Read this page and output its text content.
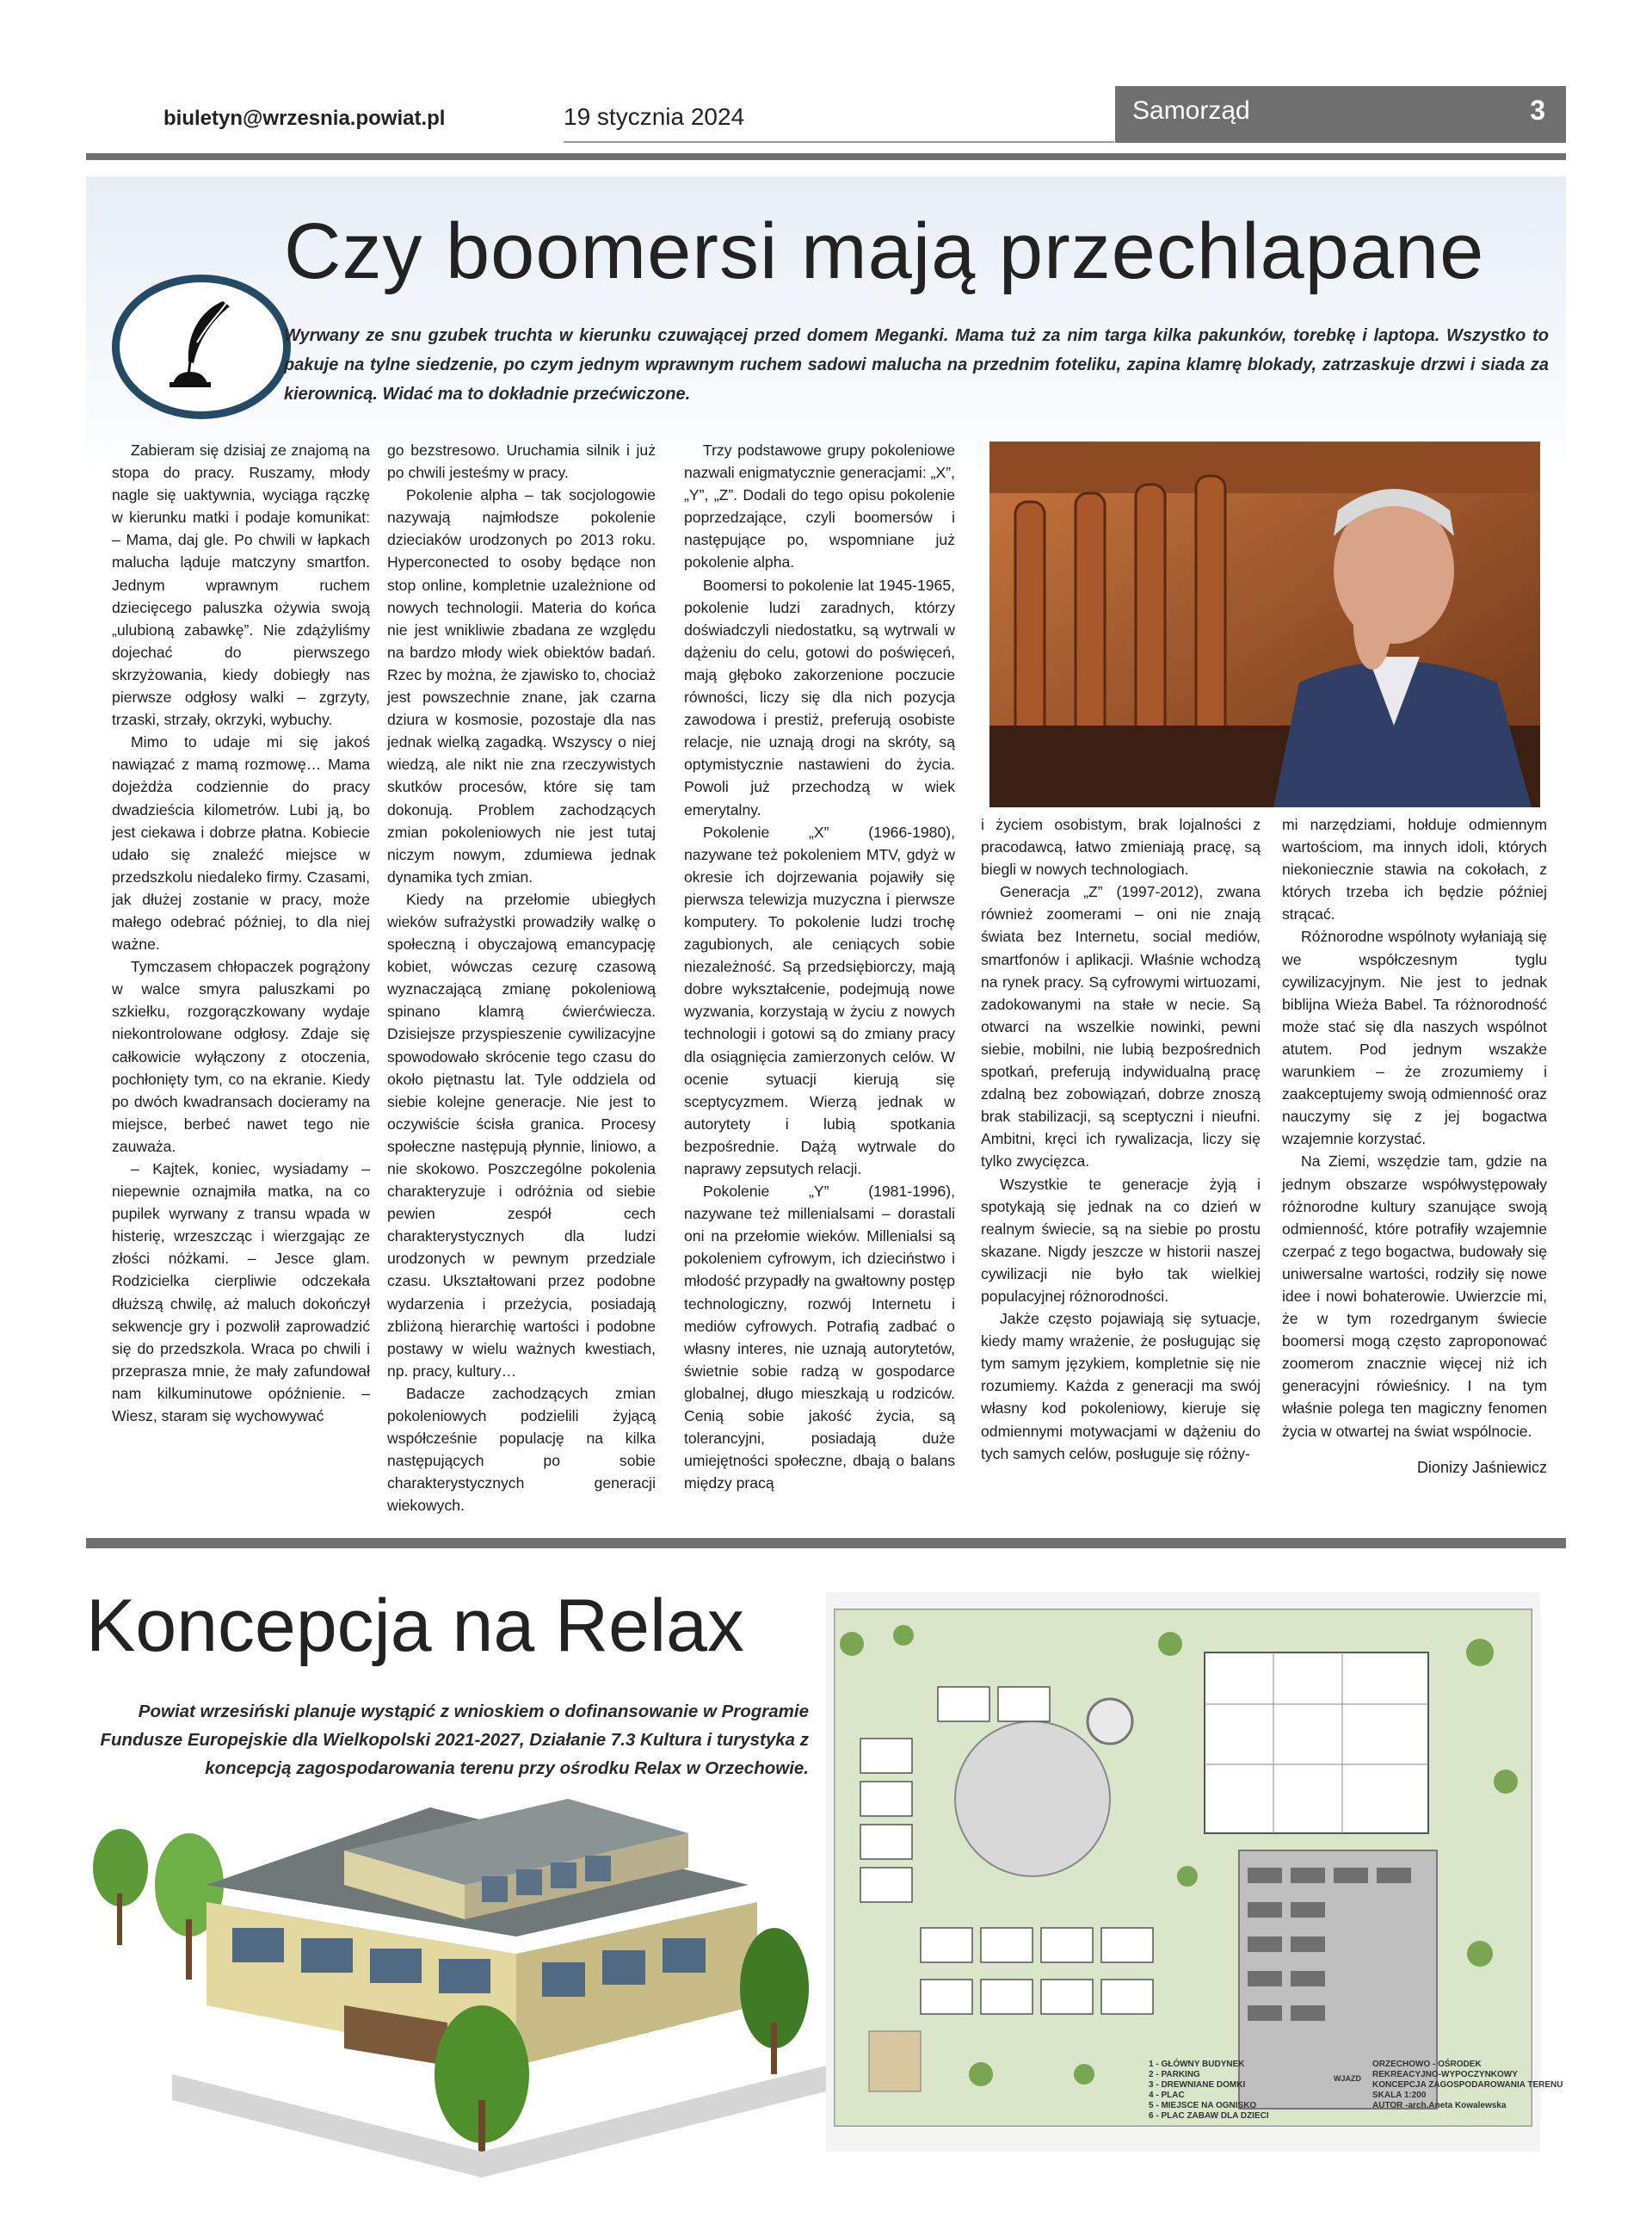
biuletyn@wrzesnia.powiat.pl	19 stycznia 2024	Samorząd	3
Czy boomersi mają przechlapane
Wyrwany ze snu gzubek truchta w kierunku czuwającej przed domem Meganki. Mama tuż za nim targa kilka pakunków, torebkę i laptopa. Wszystko to pakuje na tylne siedzenie, po czym jednym wprawnym ruchem sadowi malucha na przednim foteliku, zapina klamrę blokady, zatrzaskuje drzwi i siada za kierownicą. Widać ma to dokładnie przećwiczone.

Zabieram się dzisiaj ze znajomą na stopa do pracy. Ruszamy, młody nagle się uaktywnia, wyciąga rączkę w kierunku matki i podaje komunikat: – Mama, daj gle. Po chwili w łapkach malucha ląduje matczyny smartfon. Jednym wprawnym ruchem dziecięcego paluszka ożywia swoją „ulubioną zabawkę”. Nie zdążyliśmy dojechać do pierwszego skrzyżowania, kiedy dobiegły nas pierwsze odgłosy walki – zgrzyty, trzaski, strzały, okrzyki, wybuchy.

Mimo to udaje mi się jakoś nawiązać z mamą rozmowę… Mama dojeżdża codziennie do pracy dwadzieścia kilometrów. Lubi ją, bo jest ciekawa i dobrze płatna. Kobiecie udało się znaleźć miejsce w przedszkolu niedaleko firmy. Czasami, jak dłużej zostanie w pracy, może małego odebrać później, to dla niej ważne.

Tymczasem chłopaczek pogrążony w walce smyra paluszkami po szkiełku, rozgorączkowany wydaje niekontrolowane odgłosy. Zdaje się całkowicie wyłączony z otoczenia, pochłonięty tym, co na ekranie. Kiedy po dwóch kwadransach docieramy na miejsce, berbeć nawet tego nie zauważa.

– Kajtek, koniec, wysiadamy – niepewnie oznajmiła matka, na co pupilek wyrwany z transu wpada w histerię, wrzeszcząc i wierzgając ze złości nóżkami. – Jesce glam. Rodzicielka cierpliwie odczekała dłuższą chwilę, aż maluch dokończył sekwencje gry i pozwolił zaprowadzić się do przedszkola. Wraca po chwili i przeprasza mnie, że mały zafundował nam kilkuminutowe opóźnienie. – Wiesz, staram się wychowywać

go bezstresowo. Uruchamia silnik i już po chwili jesteśmy w pracy.

Pokolenie alpha – tak socjologowie nazywają najmłodsze pokolenie dzieciaków urodzonych po 2013 roku. Hyperconected to osoby będące non stop online, kompletnie uzależnione od nowych technologii. Materia do końca nie jest wnikliwie zbadana ze względu na bardzo młody wiek obiektów badań. Rzec by można, że zjawisko to, chociaż jest powszechnie znane, jak czarna dziura w kosmosie, pozostaje dla nas jednak wielką zagadką. Wszyscy o niej wiedzą, ale nikt nie zna rzeczywistych skutków procesów, które się tam dokonują. Problem zachodzących zmian pokoleniowych nie jest tutaj niczym nowym, zdumiewa jednak dynamika tych zmian.

Kiedy na przełomie ubiegłych wieków sufrażystki prowadziły walkę o społeczną i obyczajową emancypację kobiet, wówczas cezurę czasową wyznaczającą zmianę pokoleniową spinano klamrą ćwierćwiecza. Dzisiejsze przyspieszenie cywilizacyjne spowodowało skrócenie tego czasu do około piętnastu lat. Tyle oddziela od siebie kolejne generacje. Nie jest to oczywiście ścisła granica. Procesy społeczne następują płynnie, liniowo, a nie skokowo. Poszczególne pokolenia charakteryzuje i odróżnia od siebie pewien zespół cech charakterystycznych dla ludzi urodzonych w pewnym przedziale czasu. Ukształtowani przez podobne wydarzenia i przeżycia, posiadają zbliżoną hierarchię wartości i podobne postawy w wielu ważnych kwestiach, np. pracy, kultury…

Badacze zachodzących zmian pokoleniowych podzielili żyjącą współcześnie populację na kilka następujących po sobie charakterystycznych generacji wiekowych.

Trzy podstawowe grupy pokoleniowe nazwali enigmatycznie generacjami: „X”, „Y”, „Z”. Dodali do tego opisu pokolenie poprzedzające, czyli boomersów i następujące po, wspomniane już pokolenie alpha.

Boomersi to pokolenie lat 1945-1965, pokolenie ludzi zaradnych, którzy doświadczyli niedostatku, są wytrwali w dążeniu do celu, gotowi do poświęceń, mają głęboko zakorzenione poczucie równości, liczy się dla nich pozycja zawodowa i prestiż, preferują osobiste relacje, nie uznają drogi na skróty, są optymistycznie nastawieni do życia. Powoli już przechodzą w wiek emerytalny.

Pokolenie „X” (1966-1980), nazywane też pokoleniem MTV, gdyż w okresie ich dojrzewania pojawiły się pierwsza telewizja muzyczna i pierwsze komputery. To pokolenie ludzi trochę zagubionych, ale ceniących sobie niezależność. Są przedsiębiorczy, mają dobre wykształcenie, podejmują nowe wyzwania, korzystają w życiu z nowych technologii i gotowi są do zmiany pracy dla osiągnięcia zamierzonych celów. W ocenie sytuacji kierują się sceptycyzmem. Wierzą jednak w autorytety i lubią spotkania bezpośrednie. Dążą wytrwale do naprawy zepsutych relacji.

Pokolenie „Y” (1981-1996), nazywane też millenialsami – dorastali oni na przełomie wieków. Millenialsi są pokoleniem cyfrowym, ich dzieciństwo i młodość przypadły na gwałtowny postęp technologiczny, rozwój Internetu i mediów cyfrowych. Potrafią zadbać o własny interes, nie uznają autorytetów, świetnie sobie radzą w gospodarce globalnej, długo mieszkają u rodziców. Cenią sobie jakość życia, są tolerancyjni, posiadają duże umiejętności społeczne, dbają o balans między pracą

i życiem osobistym, brak lojalności z pracodawcą, łatwo zmieniają pracę, są biegli w nowych technologiach.

Generacja „Z” (1997-2012), zwana również zoomerami – oni nie znają świata bez Internetu, social mediów, smartfonów i aplikacji. Właśnie wchodzą na rynek pracy. Są cyfrowymi wirtuozami, zadokowanymi na stałe w necie. Są otwarci na wszelkie nowinki, pewni siebie, mobilni, nie lubią bezpośrednich spotkań, preferują indywidualną pracę zdalną bez zobowiązań, dobrze znoszą brak stabilizacji, są sceptyczni i nieufni. Ambitni, kręci ich rywalizacja, liczy się tylko zwycięzca.

Wszystkie te generacje żyją i spotykają się jednak na co dzień w realnym świecie, są na siebie po prostu skazane. Nigdy jeszcze w historii naszej cywilizacji nie było tak wielkiej populacyjnej różnorodności.

Jakże często pojawiają się sytuacje, kiedy mamy wrażenie, że posługując się tym samym językiem, kompletnie się nie rozumiemy. Każda z generacji ma swój własny kod pokoleniowy, kieruje się odmiennymi motywacjami w dążeniu do tych samych celów, posługuje się różny-

mi narzędziami, hołduje odmiennym wartościom, ma innych idoli, których niekoniecznie stawia na cokołach, z których trzeba ich będzie później strącać.

Różnorodne wspólnoty wyłaniają się we współczesnym tyglu cywilizacyjnym. Nie jest to jednak biblijna Wieża Babel. Ta różnorodność może stać się dla naszych wspólnot atutem. Pod jednym wszakże warunkiem – że zrozumiemy i zaakceptujemy swoją odmienność oraz nauczymy się z jej bogactwa wzajemnie korzystać.

Na Ziemi, wszędzie tam, gdzie na jednym obszarze współwystępowały różnorodne kultury szanujące swoją odmienność, które potrafiły wzajemnie czerpać z tego bogactwa, budowały się uniwersalne wartości, rodziły się nowe idee i nowi bohaterowie. Uwierzcie mi, że w tym rozedrganym świecie boomersi mogą często zaproponować zoomerom znacznie więcej niż ich generacyjni rówieśnicy. I na tym właśnie polega ten magiczny fenomen życia w otwartej na świat wspólnocie.

Dionizy Jaśniewicz
Koncepcja na Relax
Powiat wrzesiński planuje wystąpić z wnioskiem o dofinansowanie w Programie Fundusze Europejskie dla Wielkopolski 2021-2027, Działanie 7.3 Kultura i turystyka z koncepcją zagospodarowania terenu przy ośrodku Relax w Orzechowie.
1 - GŁÓWNY BUDYNEK
2 - PARKING
3 - DREWNIANE DOMKI
4 - PLAC
5 - MIEJSCE NA OGNISKO
6 - PLAC ZABAW DLA DZIECI
WJAZD
ORZECHOWO - OŚRODEK
REKREACYJNO-WYPOCZYNKOWY
KONCEPCJA ZAGOSPODAROWANIA TERENU
SKALA 1:200
AUTOR -arch.Aneta Kowalewska
